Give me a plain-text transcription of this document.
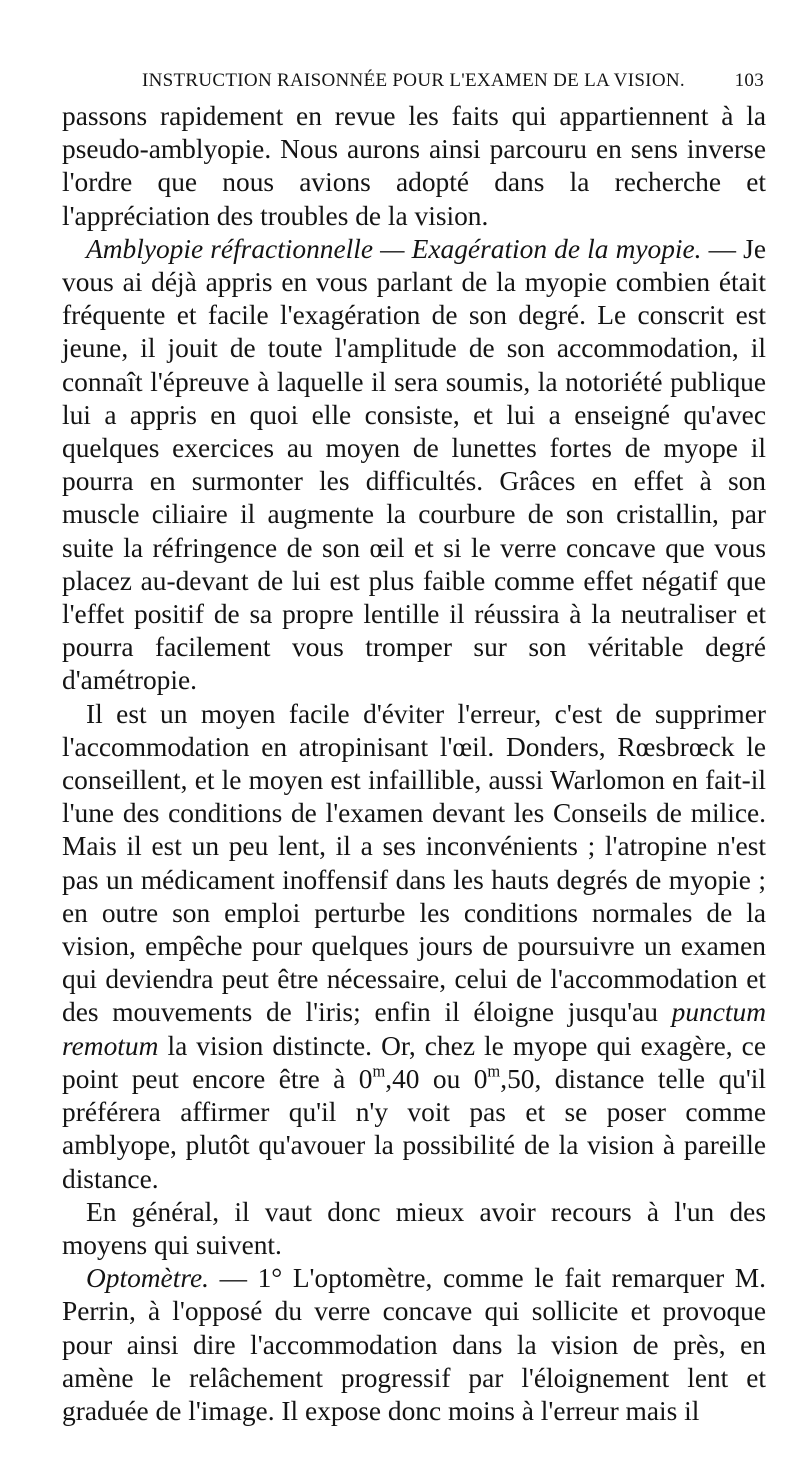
INSTRUCTION RAISONNÉE POUR L'EXAMEN DE LA VISION.	103

passons rapidement en revue les faits qui appartiennent à la pseudo-amblyopie. Nous aurons ainsi parcouru en sens inverse l'ordre que nous avions adopté dans la recherche et l'appréciation des troubles de la vision.

Amblyopie réfractionnelle — Exagération de la myopie. — Je vous ai déjà appris en vous parlant de la myopie combien était fréquente et facile l'exagération de son degré. Le conscrit est jeune, il jouit de toute l'amplitude de son accommodation, il connaît l'épreuve à laquelle il sera soumis, la notoriété publique lui a appris en quoi elle consiste, et lui a enseigné qu'avec quelques exercices au moyen de lunettes fortes de myope il pourra en surmonter les difficultés. Grâces en effet à son muscle ciliaire il augmente la courbure de son cristallin, par suite la réfringence de son œil et si le verre concave que vous placez au-devant de lui est plus faible comme effet négatif que l'effet positif de sa propre lentille il réussira à la neutraliser et pourra facilement vous tromper sur son véritable degré d'amétropie.

Il est un moyen facile d'éviter l'erreur, c'est de supprimer l'accommodation en atropinisant l'œil. Donders, Rœsbrœck le conseillent, et le moyen est infaillible, aussi Warlomon en fait-il l'une des conditions de l'examen devant les Conseils de milice. Mais il est un peu lent, il a ses inconvénients ; l'atropine n'est pas un médicament inoffensif dans les hauts degrés de myopie ; en outre son emploi perturbe les conditions normales de la vision, empêche pour quelques jours de poursuivre un examen qui deviendra peut être nécessaire, celui de l'accommodation et des mouvements de l'iris; enfin il éloigne jusqu'au punctum remotum la vision distincte. Or, chez le myope qui exagère, ce point peut encore être à 0$^m$,40 ou 0$^m$,50, distance telle qu'il préférera affirmer qu'il n'y voit pas et se poser comme amblyope, plutôt qu'avouer la possibilité de la vision à pareille distance.

En général, il vaut donc mieux avoir recours à l'un des moyens qui suivent.

Optomètre. — 1° L'optomètre, comme le fait remarquer M. Perrin, à l'opposé du verre concave qui sollicite et provoque pour ainsi dire l'accommodation dans la vision de près, en amène le relâchement progressif par l'éloignement lent et graduée de l'image. Il expose donc moins à l'erreur mais il
